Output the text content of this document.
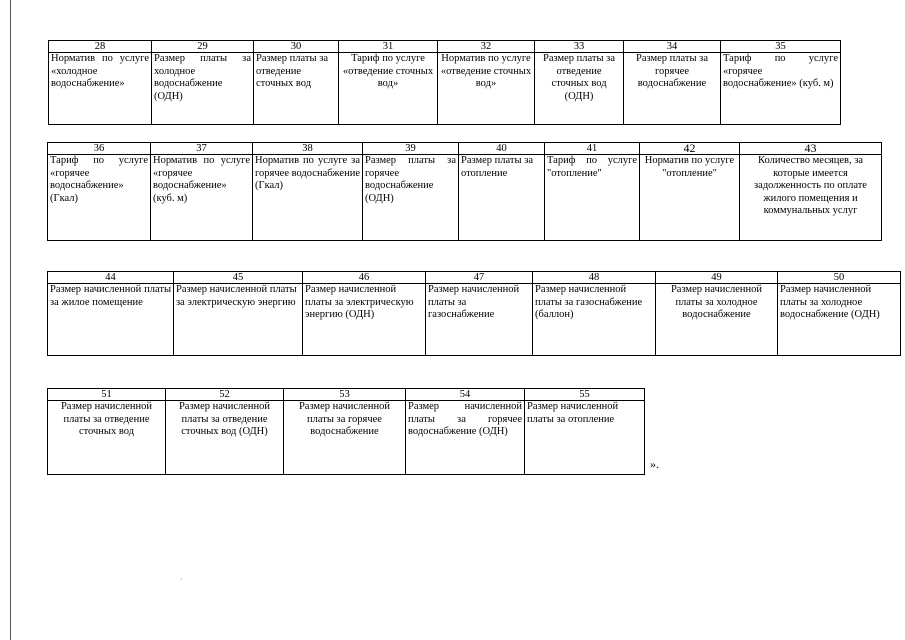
28	29	30	31	32	33	34	35
Норматив по услуге «холодное водоснабжение»	Размер платы за холодное водоснабжение (ОДН)	Размер платы за отведение сточных вод	Тариф по услуге «отведение сточных вод»	Норматив по услуге «отведение сточных вод»	Размер платы за отведение сточных вод (ОДН)	Размер платы за горячее водоснабжение	Тариф по услуге «горячее водоснабжение» (куб. м)
36	37	38	39	40	41	42	43
Тариф по услуге «горячее водоснабжение» (Гкал)	Норматив по услуге «горячее водоснабжение» (куб. м)	Норматив по услуге за горячее водоснабжение (Гкал)	Размер платы за горячее водоснабжение (ОДН)	Размер платы за отопление	Тариф по услуге "отопление"	Норматив по услуге "отопление"	Количество месяцев, за которые имеется задолженность по оплате жилого помещения и коммунальных услуг
44	45	46	47	48	49	50
Размер начисленной платы за жилое помещение	Размер начисленной платы за электрическую энергию	Размер начисленной платы за электрическую энергию (ОДН)	Размер начисленной платы за газоснабжение	Размер начисленной платы за газоснабжение (баллон)	Размер начисленной платы за холодное водоснабжение	Размер начисленной платы за холодное водоснабжение (ОДН)
51	52	53	54	55
Размер начисленной платы за отведение сточных вод	Размер начисленной платы за отведение сточных вод (ОДН)	Размер начисленной платы за горячее водоснабжение	Размер начисленной платы за горячее водоснабжение (ОДН)	Размер начисленной платы за отопление
».
·
